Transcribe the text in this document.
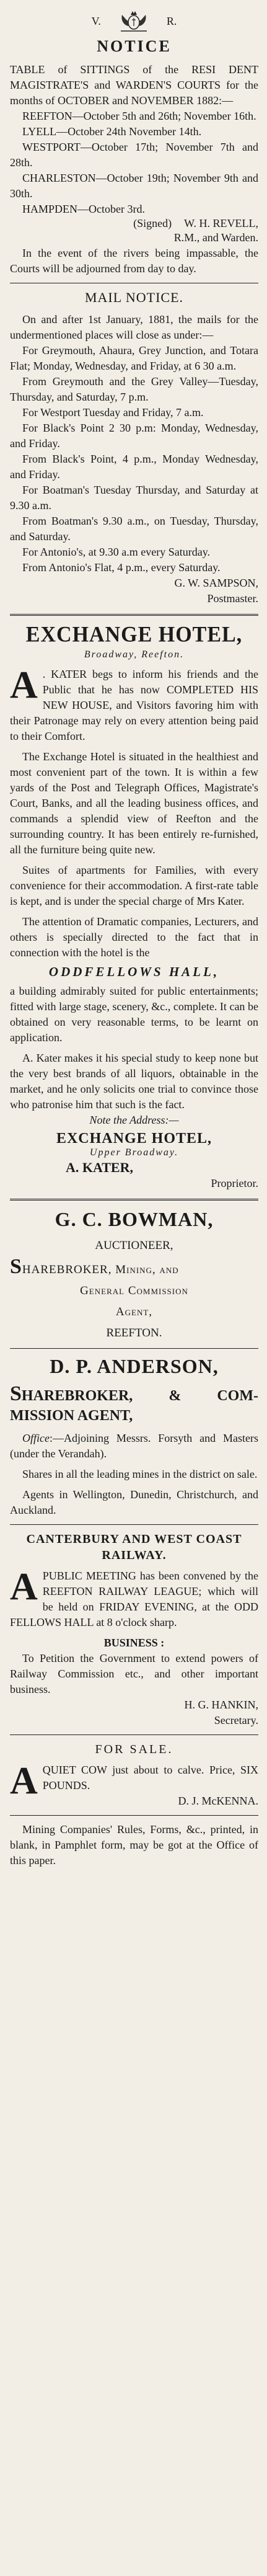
V.	R.
NOTICE

TABLE of SITTINGS of the RESI DENT MAGISTRATE'S and WARDEN'S COURTS for the months of OCTOBER and NOVEMBER 1882:—

REEFTON—October 5th and 26th; November 16th.

LYELL—October 24th November 14th.

WESTPORT—October 17th; November 7th and 28th.

CHARLESTON—October 19th; November 9th and 30th.

HAMPDEN—October 3rd.

(Signed) W. H. REVELL,

R.M., and Warden.

In the event of the rivers being impassable, the Courts will be adjourned from day to day.

MAIL NOTICE.

On and after 1st January, 1881, the mails for the undermentioned places will close as under:—

For Greymouth, Ahaura, Grey Junction, and Totara Flat; Monday, Wednesday, and Friday, at 6 30 a.m.

From Greymouth and the Grey Valley—Tuesday, Thursday, and Saturday, 7 p.m.

For Westport Tuesday and Friday, 7 a.m.

For Black's Point 2 30 p.m: Monday, Wednesday, and Friday.

From Black's Point, 4 p.m., Monday Wednesday, and Friday.

For Boatman's Tuesday Thursday, and Saturday at 9.30 a.m.

From Boatman's 9.30 a.m., on Tuesday, Thursday, and Saturday.

For Antonio's, at 9.30 a.m every Saturday.

From Antonio's Flat, 4 p.m., every Saturday.

G. W. SAMPSON,

Postmaster.

EXCHANGE HOTEL,
Broadway, Reefton.

A . KATER begs to inform his friends and the Public that he has now COMPLETED HIS NEW HOUSE, and Visitors favoring him with their Patronage may rely on every attention being paid to their Comfort.

The Exchange Hotel is situated in the healthiest and most convenient part of the town. It is within a few yards of the Post and Telegraph Offices, Magistrate's Court, Banks, and all the leading business offices, and commands a splendid view of Reefton and the surrounding country. It has been entirely re-furnished, all the furniture being quite new.

Suites of apartments for Families, with every convenience for their accommodation. A first-rate table is kept, and is under the special charge of Mrs Kater.

The attention of Dramatic companies, Lecturers, and others is specially directed to the fact that in connection with the hotel is the

ODDFELLOWS HALL,

a building admirably suited for public entertainments; fitted with large stage, scenery, &c., complete. It can be obtained on very reasonable terms, to be learnt on application.

A. Kater makes it his special study to keep none but the very best brands of all liquors, obtainable in the market, and he only solicits one trial to convince those who patronise him that such is the fact.

Note the Address:—

EXCHANGE HOTEL,
Upper Broadway.
A. KATER,

Proprietor.

G. C. BOWMAN,

AUCTIONEER,

SHAREBROKER, Mining, and

General Commission

Agent,

REEFTON.

D. P. ANDERSON,

SHAREBROKER, & COM- MISSION AGENT,

Office:—Adjoining Messrs. Forsyth and Masters (under the Verandah).

Shares in all the leading mines in the district on sale.

Agents in Wellington, Dunedin, Christchurch, and Auckland.

CANTERBURY AND WEST COAST RAILWAY.

A PUBLIC MEETING has been convened by the REEFTON RAILWAY LEAGUE; which will be held on FRIDAY EVENING, at the ODD FELLOWS HALL at 8 o'clock sharp.

BUSINESS :

To Petition the Government to extend powers of Railway Commission etc., and other important business.

H. G. HANKIN,

Secretary.

FOR SALE.

A QUIET COW just about to calve. Price, SIX POUNDS.

D. J. McKENNA.

Mining Companies' Rules, Forms, &c., printed, in blank, in Pamphlet form, may be got at the Office of this paper.
